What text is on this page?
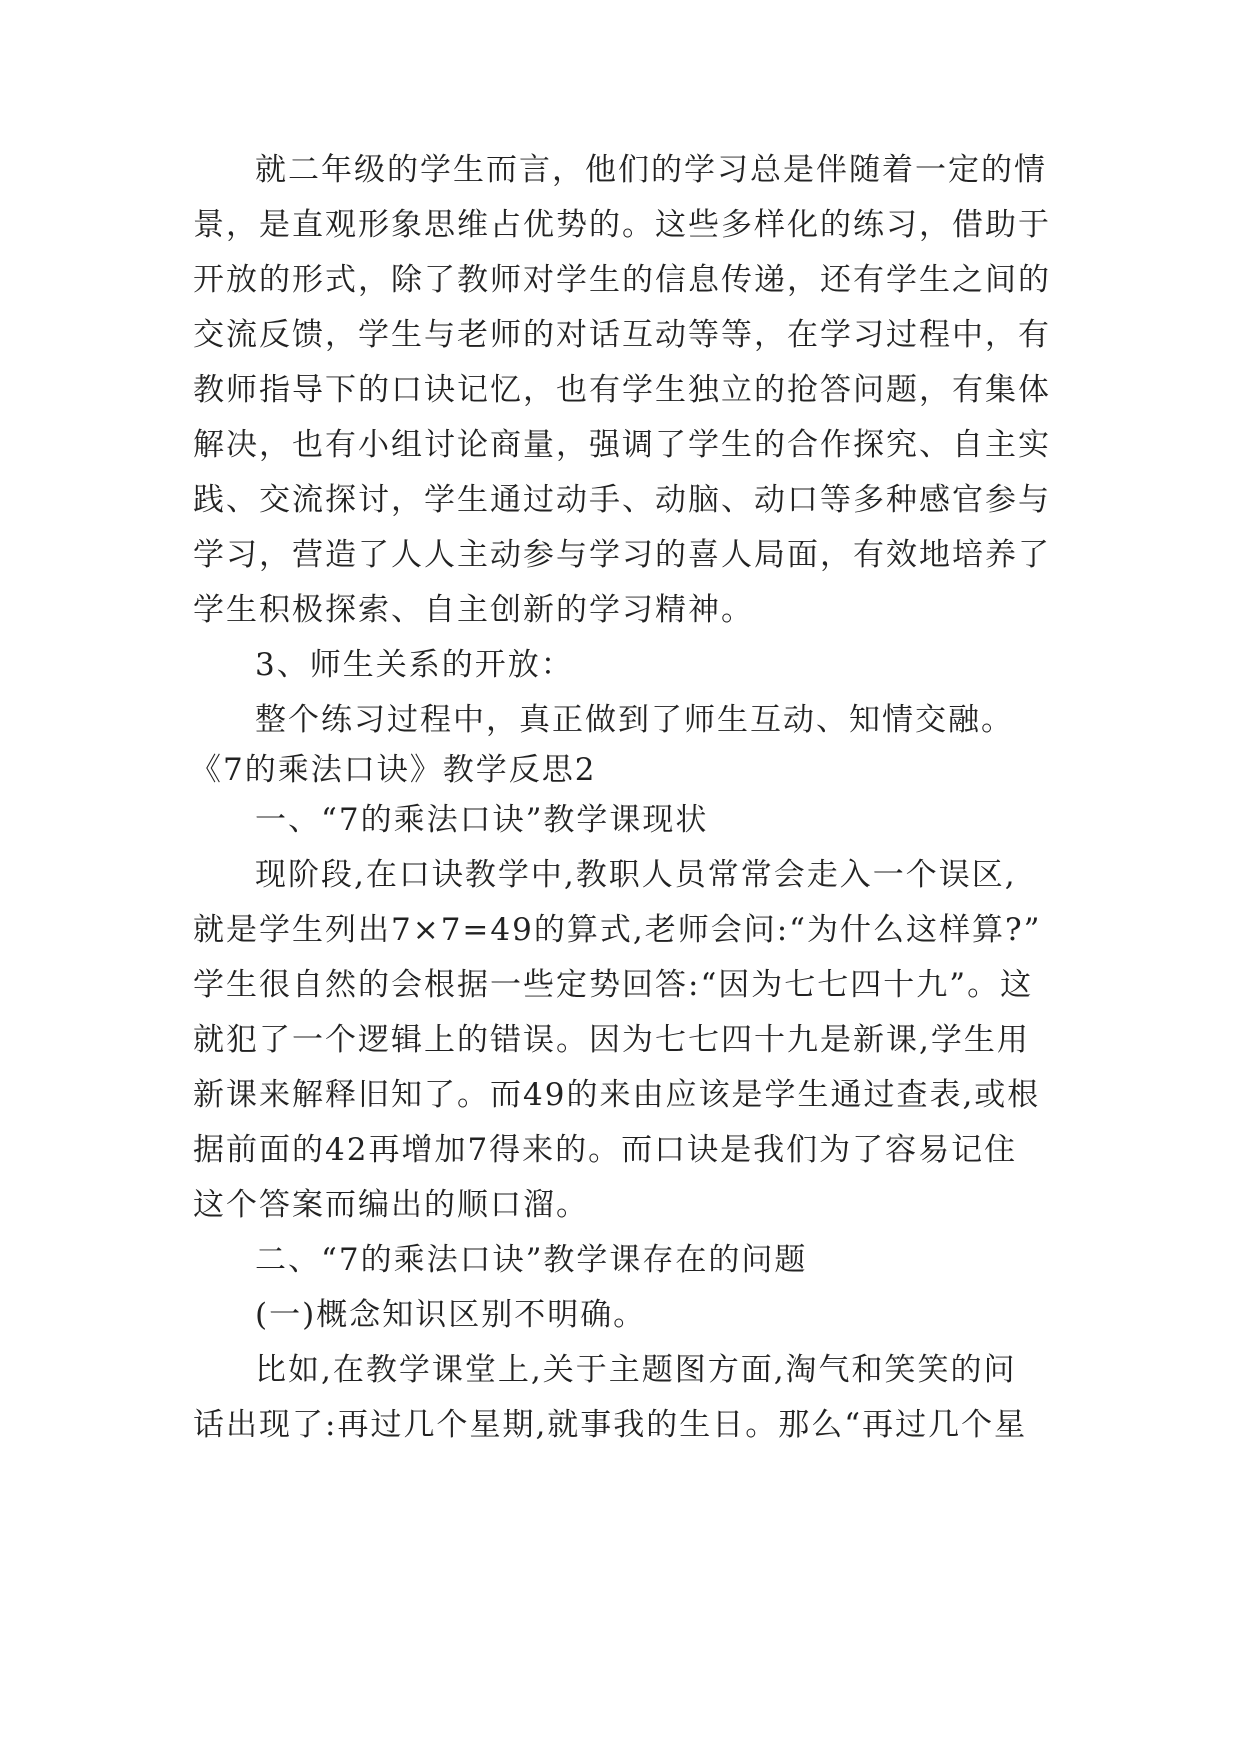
就二年级的学生而言，他们的学习总是伴随着一定的情
景，是直观形象思维占优势的。这些多样化的练习，借助于
开放的形式，除了教师对学生的信息传递，还有学生之间的
交流反馈，学生与老师的对话互动等等，在学习过程中，有
教师指导下的口诀记忆，也有学生独立的抢答问题，有集体
解决，也有小组讨论商量，强调了学生的合作探究、自主实
践、交流探讨，学生通过动手、动脑、动口等多种感官参与
学习，营造了人人主动参与学习的喜人局面，有效地培养了
学生积极探索、自主创新的学习精神。
3、师生关系的开放：
整个练习过程中，真正做到了师生互动、知情交融。
《7的乘法口诀》教学反思2
一、“7的乘法口诀”教学课现状
现阶段,在口诀教学中,教职人员常常会走入一个误区,
就是学生列出7×7=49的算式,老师会问:“为什么这样算?”
学生很自然的会根据一些定势回答:“因为七七四十九”。这
就犯了一个逻辑上的错误。因为七七四十九是新课,学生用
新课来解释旧知了。而49的来由应该是学生通过查表,或根
据前面的42再增加7得来的。而口诀是我们为了容易记住
这个答案而编出的顺口溜。
二、“7的乘法口诀”教学课存在的问题
(一)概念知识区别不明确。
比如,在教学课堂上,关于主题图方面,淘气和笑笑的问
话出现了:再过几个星期,就事我的生日。那么“再过几个星
